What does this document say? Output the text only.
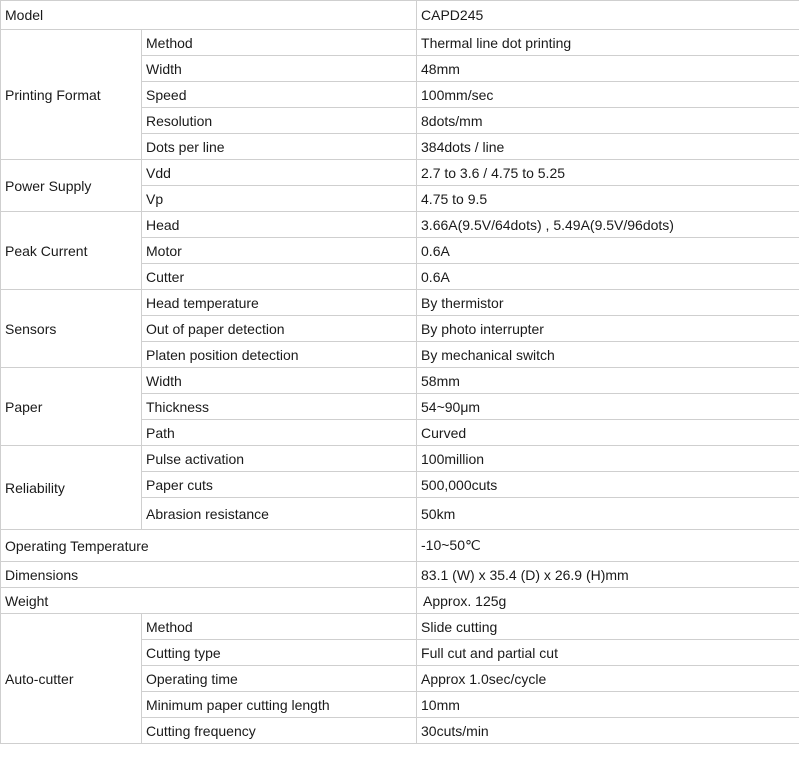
Model		CAPD245
Printing Format	Method	Thermal line dot printing
	Width	48mm
	Speed	100mm/sec
	Resolution	8dots/mm
	Dots per line	384dots / line
Power Supply	Vdd	2.7 to 3.6 / 4.75 to 5.25
	Vp	4.75 to 9.5
Peak Current	Head	3.66A(9.5V/64dots) , 5.49A(9.5V/96dots)
	Motor	0.6A
	Cutter	0.6A
Sensors	Head temperature	By thermistor
	Out of paper detection	By photo interrupter
	Platen position detection	By mechanical switch
Paper	Width	58mm
	Thickness	54~90μm
	Path	Curved
Reliability	Pulse activation	100million
	Paper cuts	500,000cuts
	Abrasion resistance	50km
Operating Temperature		-10~50℃
Dimensions		83.1 (W) x 35.4 (D) x 26.9 (H)mm
Weight		Approx. 125g
Auto-cutter	Method	Slide cutting
	Cutting type	Full cut and partial cut
	Operating time	Approx 1.0sec/cycle
	Minimum paper cutting length	10mm
	Cutting frequency	30cuts/min
